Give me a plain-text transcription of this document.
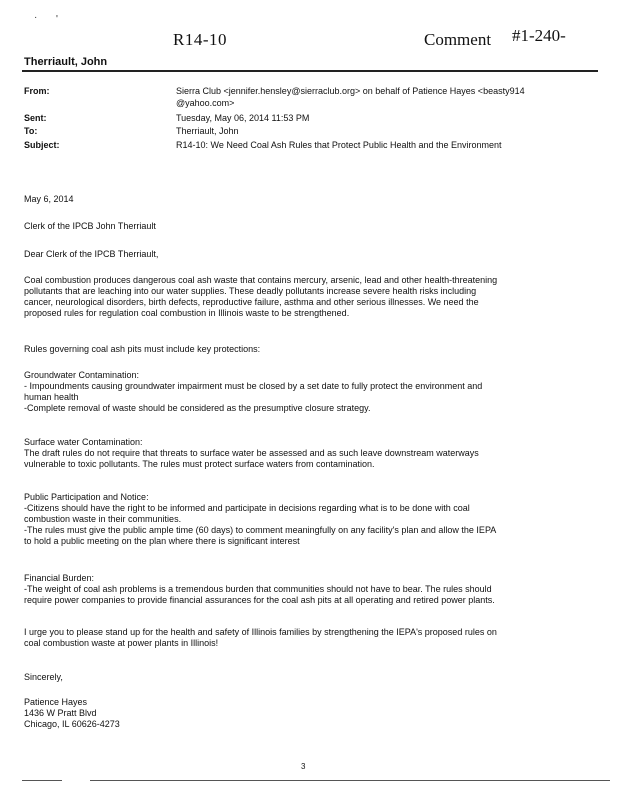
· '
R14-10	Comment #1-240-
Therriault, John
From:	Sierra Club <jennifer.hensley@sierraclub.org> on behalf of Patience Hayes <beasty914
@yahoo.com>
Sent:	Tuesday, May 06, 2014 11:53 PM
To:	Therriault, John
Subject:	R14-10: We Need Coal Ash Rules that Protect Public Health and the Environment
May 6, 2014
Clerk of the IPCB John Therriault
Dear Clerk of the IPCB Therriault,
Coal combustion produces dangerous coal ash waste that contains mercury, arsenic, lead and other health-threatening
pollutants that are leaching into our water supplies. These deadly pollutants increase severe health risks including
cancer, neurological disorders, birth defects, reproductive failure, asthma and other serious illnesses. We need the
proposed rules for regulation coal combustion in Illinois waste to be strengthened.
Rules governing coal ash pits must include key protections:
Groundwater Contamination:
- Impoundments causing groundwater impairment must be closed by a set date to fully protect the environment and
human health
-Complete removal of waste should be considered as the presumptive closure strategy.
Surface water Contamination:
The draft rules do not require that threats to surface water be assessed and as such leave downstream waterways
vulnerable to toxic pollutants. The rules must protect surface waters from contamination.
Public Participation and Notice:
-Citizens should have the right to be informed and participate in decisions regarding what is to be done with coal
combustion waste in their communities.
-The rules must give the public ample time (60 days) to comment meaningfully on any facility's plan and allow the IEPA
to hold a public meeting on the plan where there is significant interest
Financial Burden:
-The weight of coal ash problems is a tremendous burden that communities should not have to bear. The rules should
require power companies to provide financial assurances for the coal ash pits at all operating and retired power plants.
I urge you to please stand up for the health and safety of Illinois families by strengthening the IEPA's proposed rules on
coal combustion waste at power plants in Illinois!
Sincerely,
Patience Hayes
1436 W Pratt Blvd
Chicago, IL 60626-4273
3
